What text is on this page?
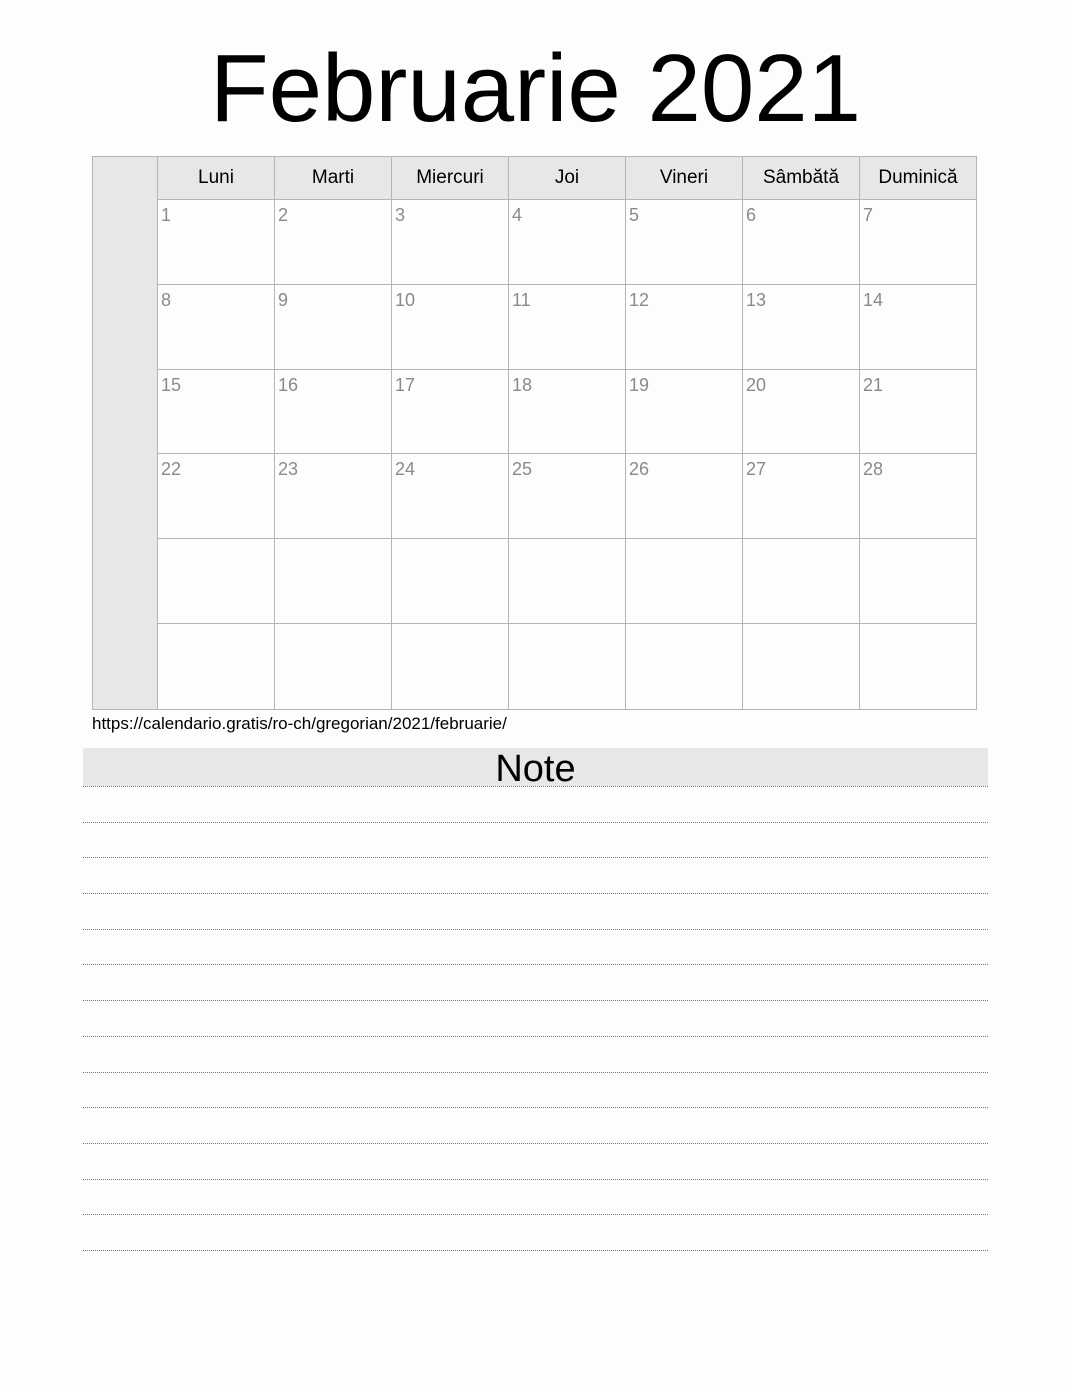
Februarie 2021
Luni	Marti	Miercuri	Joi	Vineri	Sâmbătă	Duminică
1	2	3	4	5	6	7
8	9	10	11	12	13	14
15	16	17	18	19	20	21
22	23	24	25	26	27	28
https://calendario.gratis/ro-ch/gregorian/2021/februarie/
Note
